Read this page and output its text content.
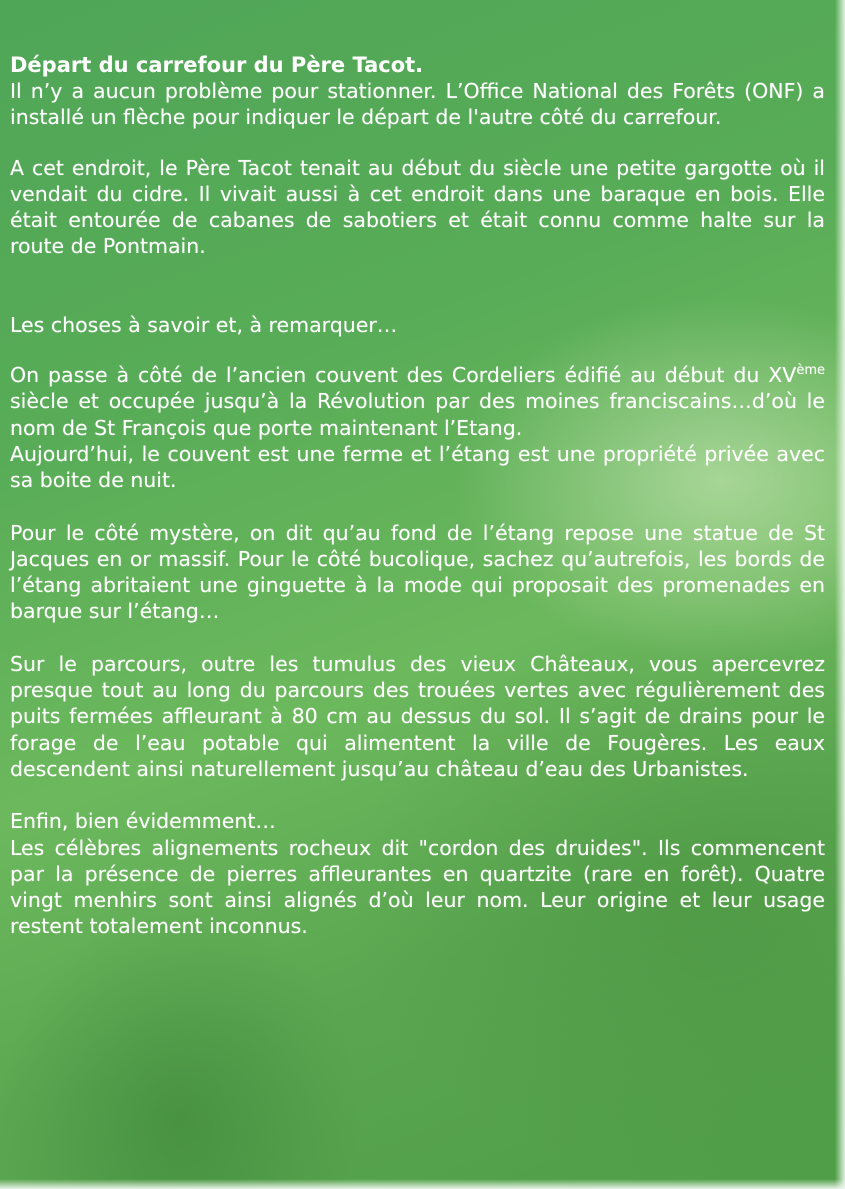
Départ du carrefour du Père Tacot.

Il n’y a aucun problème pour stationner. L’Office National des Forêts (ONF) a installé un flèche pour indiquer le départ de l'autre côté du carrefour.

A cet endroit, le Père Tacot tenait au début du siècle une petite gargotte où il vendait du cidre. Il vivait aussi à cet endroit dans une baraque en bois. Elle était entourée de cabanes de sabotiers et était connu comme halte sur la route de Pontmain.

Les choses à savoir et, à remarquer…

On passe à côté de l’ancien couvent des Cordeliers édifié au début du XVème siècle et occupée jusqu’à la Révolution par des moines franciscains…d’où le nom de St François que porte maintenant l’Etang.

Aujourd’hui, le couvent est une ferme et l’étang est une propriété privée avec sa boite de nuit.

Pour le côté mystère, on dit qu’au fond de l’étang repose une statue de St Jacques en or massif. Pour le côté bucolique, sachez qu’autrefois, les bords de l’étang abritaient une ginguette à la mode qui proposait des promenades en barque sur l’étang…

Sur le parcours, outre les tumulus des vieux Châteaux, vous apercevrez presque tout au long du parcours des trouées vertes avec régulièrement des puits fermées affleurant à 80 cm au dessus du sol. Il s’agit de drains pour le forage de l’eau potable qui alimentent la ville de Fougères. Les eaux descendent ainsi naturellement jusqu’au château d’eau des Urbanistes.

Enfin, bien évidemment…

Les célèbres alignements rocheux dit "cordon des druides". Ils commencent par la présence de pierres affleurantes en quartzite (rare en forêt). Quatre vingt menhirs sont ainsi alignés d’où leur nom. Leur origine et leur usage restent totalement inconnus.
